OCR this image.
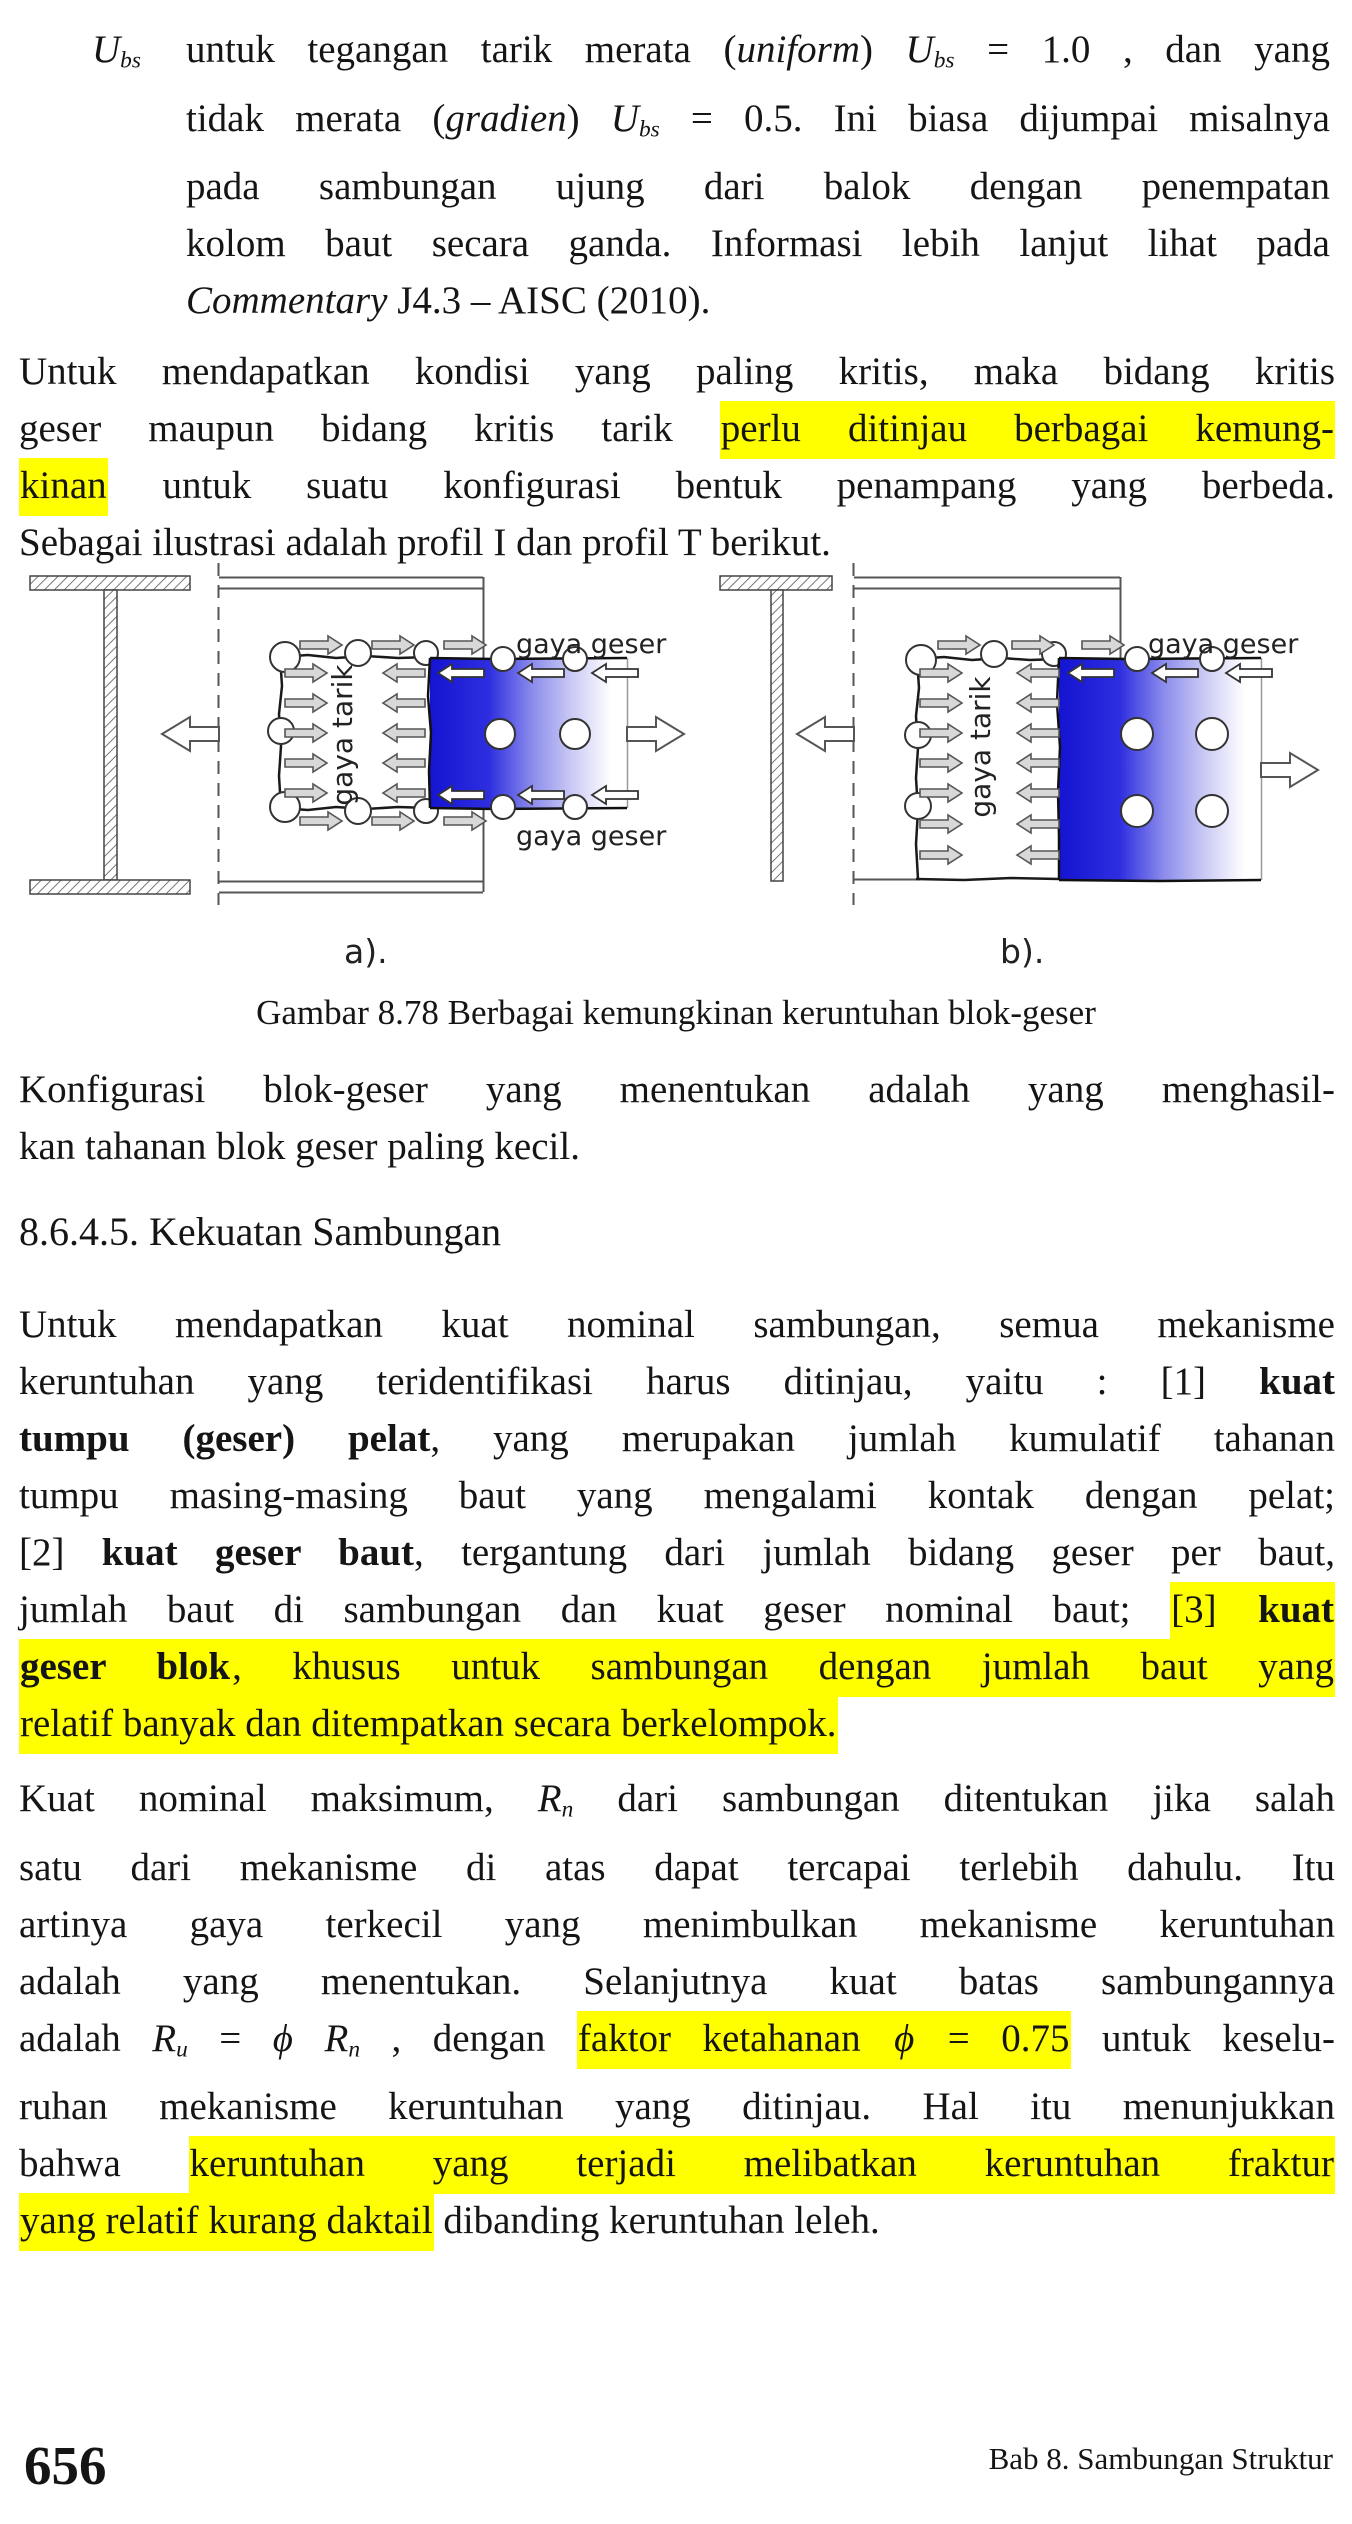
$U_{bs}$ untuk tegangan tarik merata (uniform) $U_{bs} = 1.0$ , dan yang
tidak merata (gradien) $U_{bs} = 0.5$. Ini biasa dijumpai misalnya
pada sambungan ujung dari balok dengan penempatan
kolom baut secara ganda. Informasi lebih lanjut lihat pada
Commentary J4.3 – AISC (2010).
Untuk mendapatkan kondisi yang paling kritis, maka bidang kritis
geser maupun bidang kritis tarik perlu ditinjau berbagai kemung-
kinan untuk suatu konfigurasi bentuk penampang yang berbeda.
Sebagai ilustrasi adalah profil I dan profil T berikut.
gaya geser
gaya geser
gaya tarik
a).
gaya geser
gaya tarik
b).
Gambar 8.78 Berbagai kemungkinan keruntuhan blok-geser
Konfigurasi blok-geser yang menentukan adalah yang menghasil-
kan tahanan blok geser paling kecil.
8.6.4.5. Kekuatan Sambungan
Untuk mendapatkan kuat nominal sambungan, semua mekanisme
keruntuhan yang teridentifikasi harus ditinjau, yaitu : [1] kuat
tumpu (geser) pelat, yang merupakan jumlah kumulatif tahanan
tumpu masing-masing baut yang mengalami kontak dengan pelat;
[2] kuat geser baut, tergantung dari jumlah bidang geser per baut,
jumlah baut di sambungan dan kuat geser nominal baut; [3] kuat
geser blok, khusus untuk sambungan dengan jumlah baut yang
relatif banyak dan ditempatkan secara berkelompok.
Kuat nominal maksimum, $R_n$ dari sambungan ditentukan jika salah
satu dari mekanisme di atas dapat tercapai terlebih dahulu. Itu
artinya gaya terkecil yang menimbulkan mekanisme keruntuhan
adalah yang menentukan. Selanjutnya kuat batas sambungannya
adalah $R_u = \phi$ $R_n$ , dengan faktor ketahanan ϕ = 0.75 untuk keselu-
ruhan mekanisme keruntuhan yang ditinjau. Hal itu menunjukkan
bahwa keruntuhan yang terjadi melibatkan keruntuhan fraktur
yang relatif kurang daktail dibanding keruntuhan leleh.
656	Bab 8. Sambungan Struktur
